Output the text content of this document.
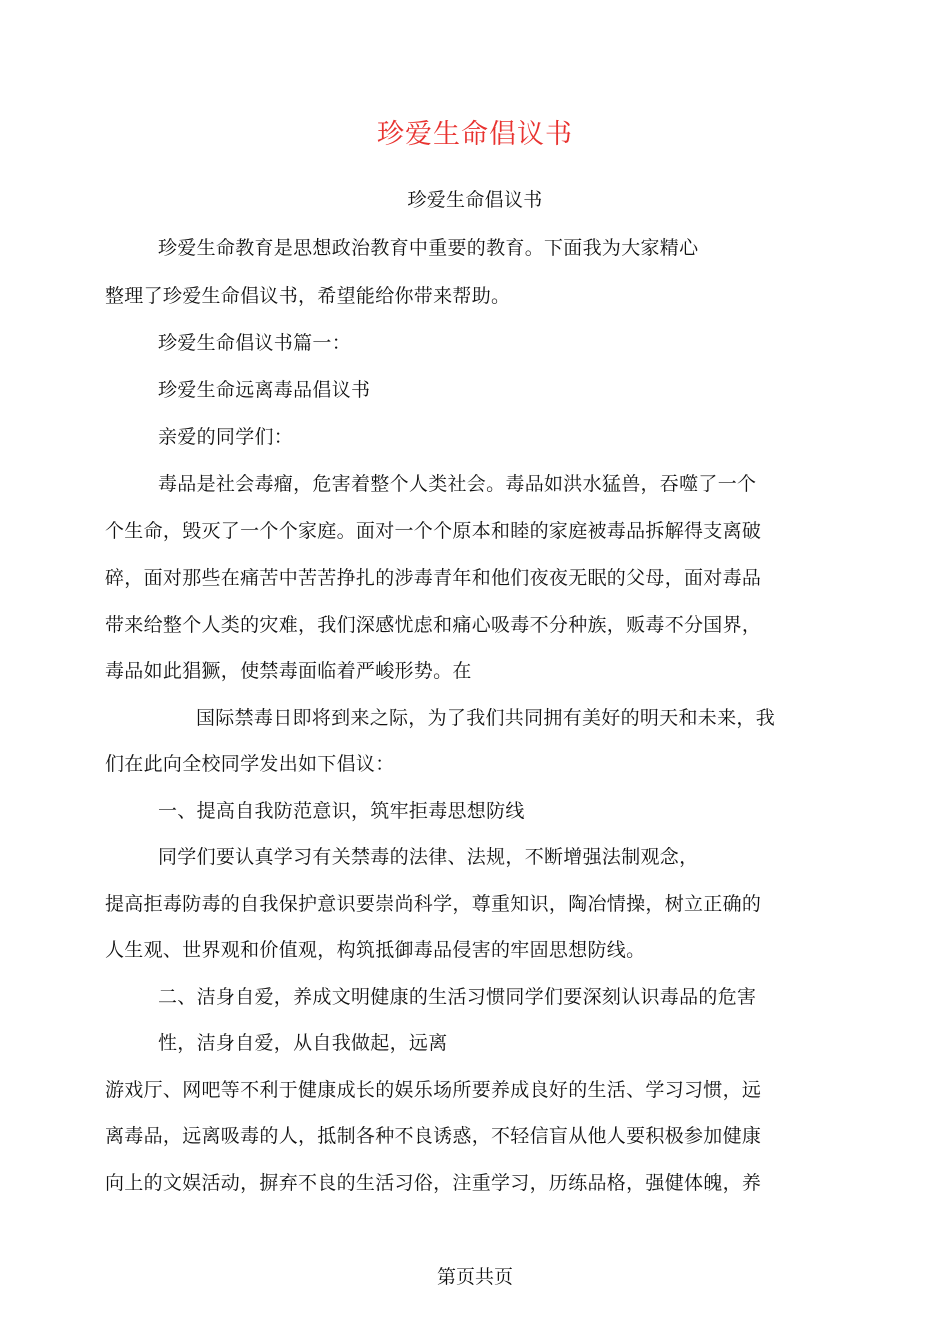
珍爱生命倡议书
珍爱生命倡议书
珍爱生命教育是思想政治教育中重要的教育。下面我为大家精心
整理了珍爱生命倡议书，希望能给你带来帮助。
珍爱生命倡议书篇一：
珍爱生命远离毒品倡议书
亲爱的同学们：
毒品是社会毒瘤，危害着整个人类社会。毒品如洪水猛兽，吞噬了一个
个生命，毁灭了一个个家庭。面对一个个原本和睦的家庭被毒品拆解得支离破
碎，面对那些在痛苦中苦苦挣扎的涉毒青年和他们夜夜无眠的父母，面对毒品
带来给整个人类的灾难，我们深感忧虑和痛心吸毒不分种族，贩毒不分国界，
毒品如此猖獗，使禁毒面临着严峻形势。在
国际禁毒日即将到来之际，为了我们共同拥有美好的明天和未来，我
们在此向全校同学发出如下倡议：
一、提高自我防范意识，筑牢拒毒思想防线
同学们要认真学习有关禁毒的法律、法规，不断增强法制观念，
提高拒毒防毒的自我保护意识要崇尚科学，尊重知识，陶冶情操，树立正确的
人生观、世界观和价值观，构筑抵御毒品侵害的牢固思想防线。
二、洁身自爱，养成文明健康的生活习惯同学们要深刻认识毒品的危害
性，洁身自爱，从自我做起，远离
游戏厅、网吧等不利于健康成长的娱乐场所要养成良好的生活、学习习惯，远
离毒品，远离吸毒的人，抵制各种不良诱惑，不轻信盲从他人要积极参加健康
向上的文娱活动，摒弃不良的生活习俗，注重学习，历练品格，强健体魄，养
第页共页
